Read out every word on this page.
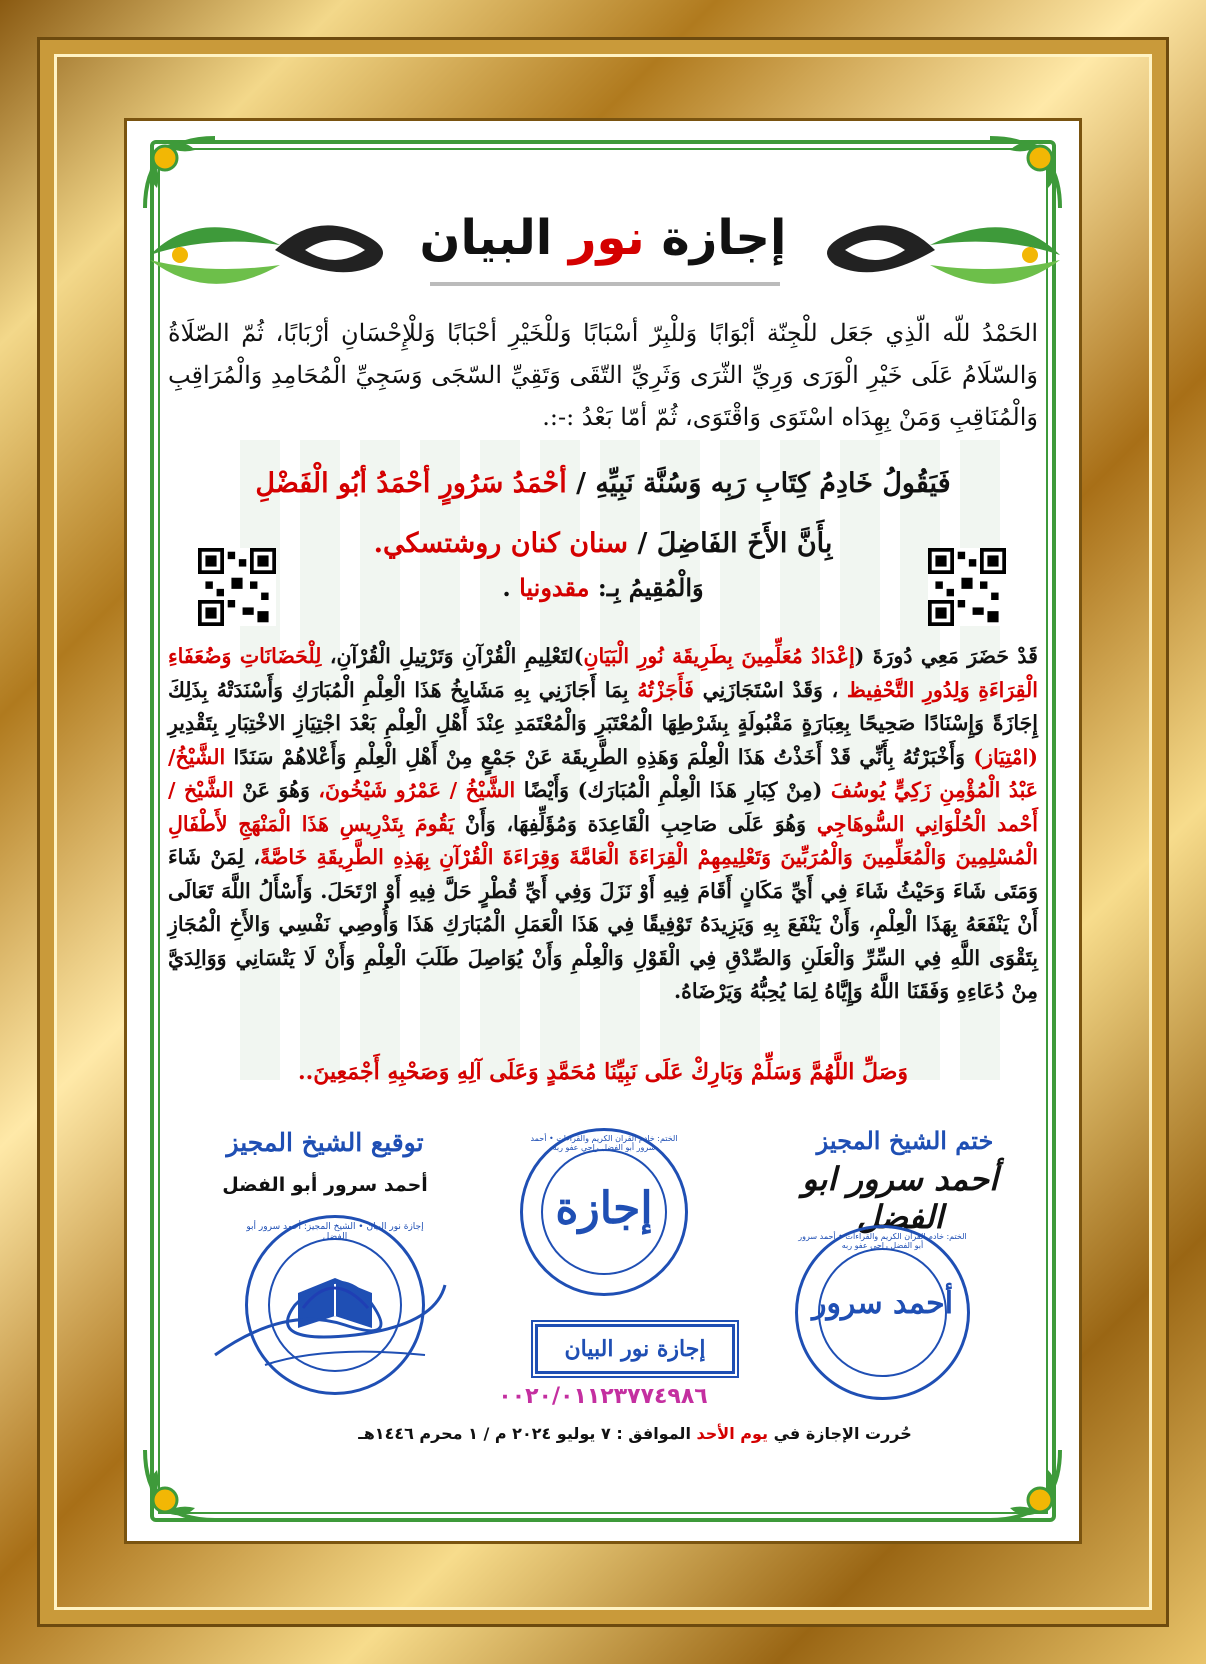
إجازة نور البيان
الحَمْدُ للّه الّذِي جَعَل للْجِنّة أبْوَابًا وَللْبِرّ أسْبَابًا وَللْخَيْرِ أحْبَابًا وَللْإِحْسَانِ أرْبَابًا، ثُمّ الصّلَاةُ وَالسّلَامُ عَلَى خَيْرِ الْوَرَى وَرِيِّ الثّرَى وَثَرِيِّ التّقَى وَتَقِيِّ السّجَى وَسَجِيِّ الْمُحَامِدِ وَالْمُرَاقِبِ وَالْمُنَاقِبِ وَمَنْ بِهِدَاه اسْتَوَى وَاقْتَوَى، ثُمّ أمّا بَعْدُ :-:.
فَيَقُولُ خَادِمُ كِتَابِ رَبِه وَسُنَّة نَبِيِّهِ / أحْمَدُ سَرُورٍ أحْمَدُ أبُو الْفَضْلِ
بِأَنَّ الأَخَ الفَاضِلَ / سنان كنان روشتسكي.
وَالْمُقِيمُ بِـ: مقدونيا .
قَدْ حَضَرَ مَعِي دُورَةَ (إعْدَادُ مُعَلِّمِينَ بِطَرِيقَة نُورِ الْبَيَانِ)لتَعْلِيمِ الْقُرْآنِ وَتَرْتِيلِ الْقُرْآنِ، لِلْحَضَانَاتِ وَضُعَفَاءِ الْقِرَاءَةِ وَلِدُورِ التَّحْفِيظ ، وَقَدْ اسْتَجَازَنِي فَأَجَزْتُهُ بِمَا أَجَازَنِي بِهِ مَشَايِخُ هَذَا الْعِلْمِ الْمُبَارَكِ وَأَسْنَدَتْهُ بِذَلِكَ إِجَازَةً وَإِسْنَادًا صَحِيحًا بِعِبَارَةٍ مَقْبُولَةٍ بِشَرْطِهَا الْمُعْتَبَرِ وَالْمُعْتَمَدِ عِنْدَ أَهْلِ الْعِلْمِ بَعْدَ اجْتِيَازِ الاخْتِبَارِ بِتَقْدِيرِ (امْتِيَاز) وَأَخْبَرْتُهُ بِأَنِّي قَدْ أَخَذْتُ هَذَا الْعِلْمَ وَهَذِهِ الطَّرِيقَة عَنْ جَمْعٍ مِنْ أَهْلِ الْعِلْمِ وَأَعْلاهُمْ سَنَدًا الشَّيْخُ/عَبْدُ الْمُؤْمِنِ زَكِيٍّ يُوسُفَ (مِنْ كِبَارِ هَذَا الْعِلْمِ الْمُبَارَك) وَأَيْضًا الشَّيْخُ / عَمْرُو شَيْخُونَ، وَهُوَ عَنْ الشَّيْخ / أَحْمد الْحُلْوَانِي السُّوهَاجِي وَهُوَ عَلَى صَاحِبِ الْقَاعِدَة وَمُؤَلِّفِهَا، وَأَنْ يَقُومَ بِتَدْرِيسِ هَذَا الْمَنْهَجِ لأَطْفَالِ الْمُسْلِمِينَ وَالْمُعَلِّمِينَ وَالْمُرَبِّينَ وَتَعْلِيمِهِمْ الْقِرَاءَةَ الْعَامَّةَ وَقِرَاءَةَ الْقُرْآنِ بِهَذِهِ الطَّرِيقَةِ خَاصَّةً، لِمَنْ شَاءَ وَمَتَى شَاءَ وَحَيْثُ شَاءَ فِي أَيِّ مَكَانٍ أَقَامَ فِيهِ أَوْ نَزَلَ وَفِي أَيِّ قُطْرٍ حَلَّ فِيهِ أَوْ ارْتَحَلَ. وَأَسْأَلُ اللَّهَ تَعَالَى أَنْ يَنْفَعَهُ بِهَذَا الْعِلْمِ، وَأَنْ يَنْفَعَ بِهِ وَيَزِيدَهُ تَوْفِيقًا فِي هَذَا الْعَمَلِ الْمُبَارَكِ هَذَا وَأُوصِي نَفْسِي وَالأَخِ الْمُجَازِ بِتَقْوَى اللَّهِ فِي السِّرِّ وَالْعَلَنِ وَالصِّدْقِ فِي الْقَوْلِ وَالْعِلْمِ وَأَنْ يُوَاصِلَ طَلَبَ الْعِلْمِ وَأَنْ لَا يَتْسَانِي وَوَالِدَيَّ مِنْ دُعَاءِهِ وَفَقَنَا اللَّهُ وَإِيَّاهُ لِمَا يُحِبُّهُ وَيَرْضَاهُ.
وَصَلِّ اللَّهُمَّ وَسَلِّمْ وَبَارِكْ عَلَى نَبِيِّنَا مُحَمَّدٍ وَعَلَى آلِهِ وَصَحْبِهِ أَجْمَعِينَ..
توقيع الشيخ المجيز
أحمد سرور أبو الفضل
إجازة نور البيان • الشيخ المجيز: أحمد سرور أبو الفضل
إجازة
الختم: خادم القران الكريم والقراءات • أحمد سرور أبو الفضل راجي عفو ربه
إجازة نور البيان
٠٠٢٠/٠١١٢٣٧٧٤٩٨٦
ختم الشيخ المجيز
أحمد سرور ابو الفضل
أحمد سرور
الختم: خادم القران الكريم والقراءات • أحمد سرور أبو الفضل راجي عفو ربه
حُررت الإجازة في يوم الأحد الموافق : ٧ يوليو ٢٠٢٤ م / ١ محرم ١٤٤٦هـ
